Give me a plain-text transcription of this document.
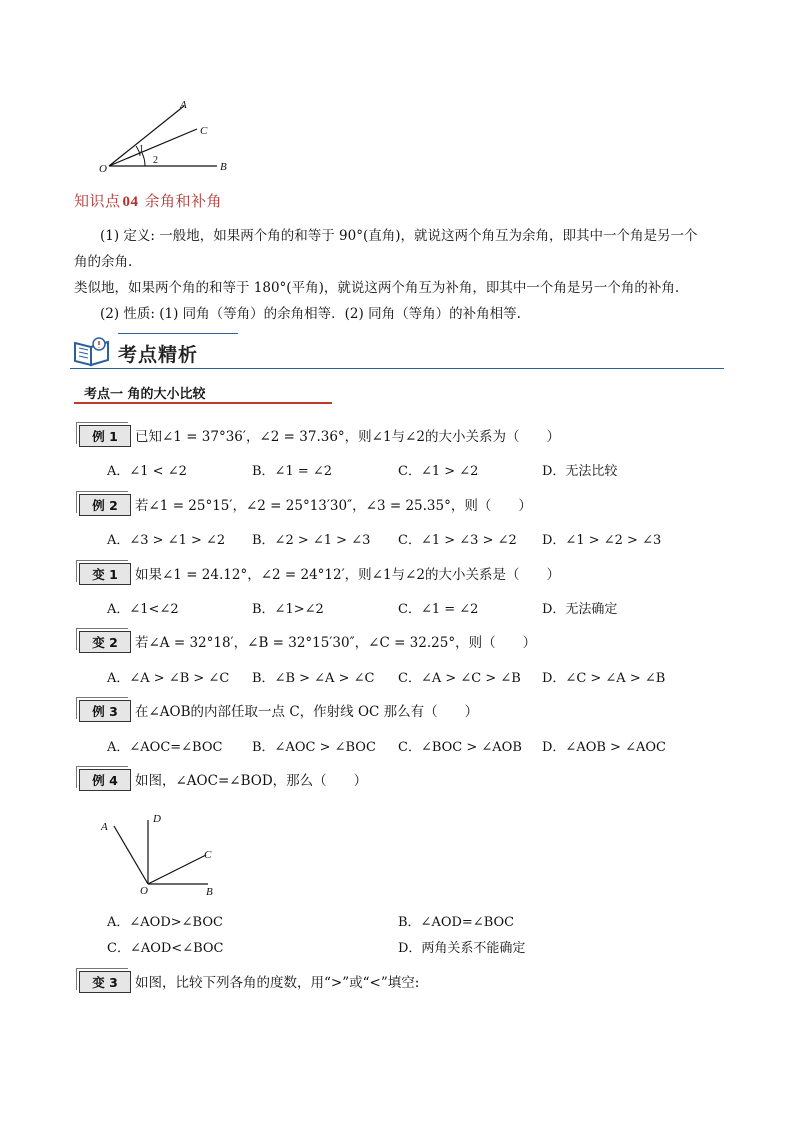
A
C
O	B
1
2
知识点 04 余角和补角
(1) 定义: 一般地，如果两个角的和等于 90°(直角)，就说这两个角互为余角，即其中一个角是另一个
角的余角.
类似地，如果两个角的和等于 180°(平角)，就说这两个角互为补角，即其中一个角是另一个角的补角.
(2) 性质: (1) 同角（等角）的余角相等．(2) 同角（等角）的补角相等.
考点精析
考点一 角的大小比较
例 1	已知∠1 = 37°36′，∠2 = 37.36°，则∠1与∠2的大小关系为（　　）
A．∠1 < ∠2	B．∠1 = ∠2	C．∠1 > ∠2	D．无法比较
例 2	若∠1 = 25°15′，∠2 = 25°13′30″，∠3 = 25.35°，则（　　）
A．∠3 > ∠1 > ∠2 B．∠2 > ∠1 > ∠3 C．∠1 > ∠3 > ∠2 D．∠1 > ∠2 > ∠3
变 1	如果∠1 = 24.12°，∠2 = 24°12′，则∠1与∠2的大小关系是（　　）
A．∠1<∠2	B．∠1>∠2	C．∠1 = ∠2	D．无法确定
变 2	若∠A = 32°18′，∠B = 32°15′30″，∠C = 32.25°，则（　　）
A．∠A > ∠B > ∠C B．∠B > ∠A > ∠C C．∠A > ∠C > ∠B D．∠C > ∠A > ∠B
例 3	在∠AOB的内部任取一点 C，作射线 OC 那么有（　　）
A．∠AOC=∠BOC B．∠AOC > ∠BOC C．∠BOC > ∠AOB D．∠AOB > ∠AOC
例 4	如图，∠AOC=∠BOD，那么（　　）
A
D
C
O	B
A．∠AOD>∠BOC	B．∠AOD=∠BOC
C．∠AOD<∠BOC	D．两角关系不能确定
变 3	如图，比较下列各角的度数，用“>”或“<”填空:
